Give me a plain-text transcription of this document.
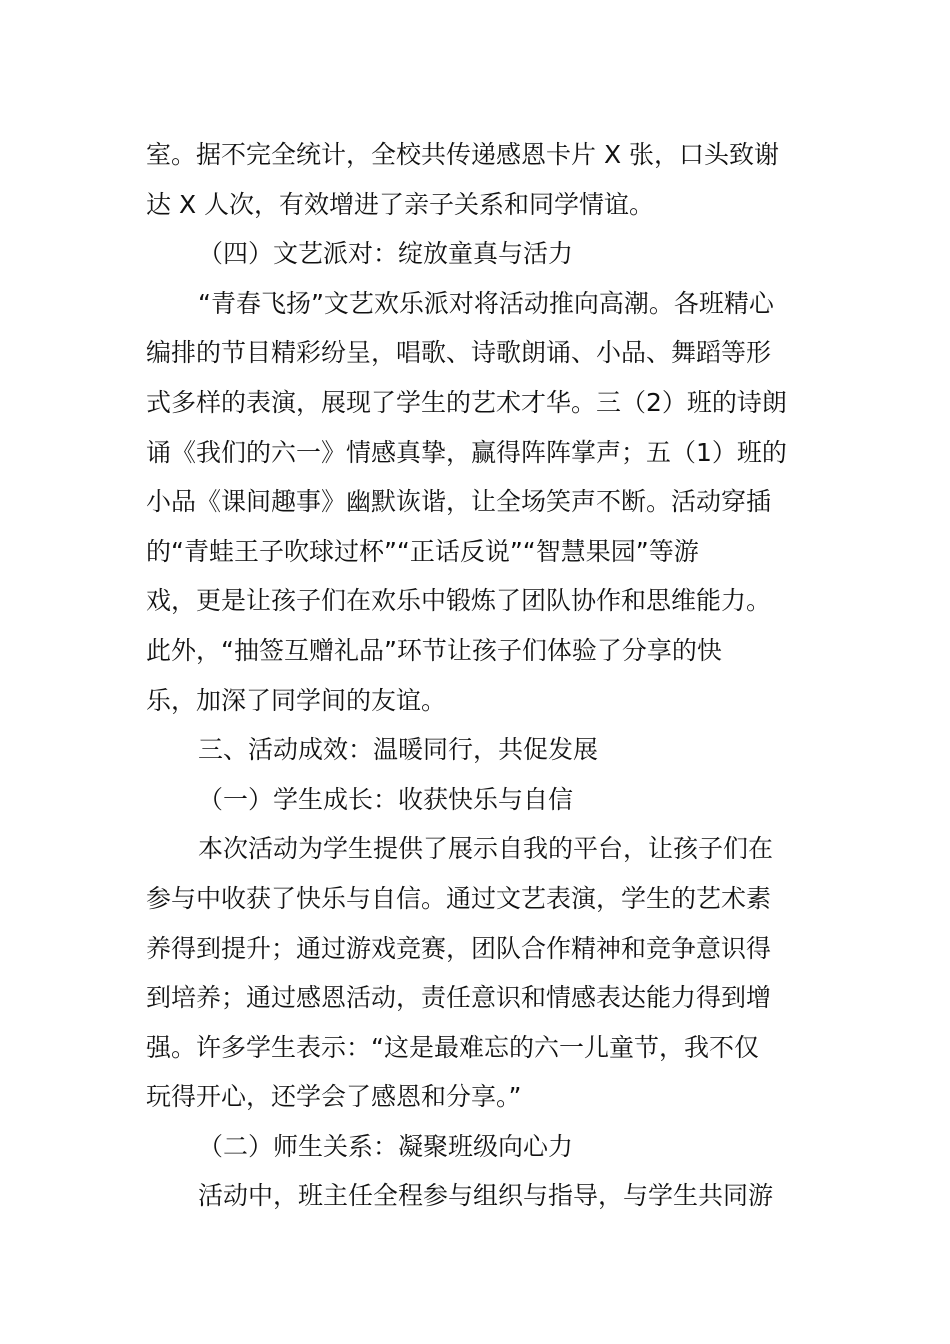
室。据不完全统计，全校共传递感恩卡片 X 张，口头致谢
达 X 人次，有效增进了亲子关系和同学情谊。
（四）文艺派对：绽放童真与活力
“青春飞扬”文艺欢乐派对将活动推向高潮。各班精心
编排的节目精彩纷呈，唱歌、诗歌朗诵、小品、舞蹈等形
式多样的表演，展现了学生的艺术才华。三（2）班的诗朗
诵《我们的六一》情感真挚，赢得阵阵掌声；五（1）班的
小品《课间趣事》幽默诙谐，让全场笑声不断。活动穿插
的“青蛙王子吹球过杯”“正话反说”“智慧果园”等游
戏，更是让孩子们在欢乐中锻炼了团队协作和思维能力。
此外，“抽签互赠礼品”环节让孩子们体验了分享的快
乐，加深了同学间的友谊。
三、活动成效：温暖同行，共促发展
（一）学生成长：收获快乐与自信
本次活动为学生提供了展示自我的平台，让孩子们在
参与中收获了快乐与自信。通过文艺表演，学生的艺术素
养得到提升；通过游戏竞赛，团队合作精神和竞争意识得
到培养；通过感恩活动，责任意识和情感表达能力得到增
强。许多学生表示：“这是最难忘的六一儿童节，我不仅
玩得开心，还学会了感恩和分享。”
（二）师生关系：凝聚班级向心力
活动中，班主任全程参与组织与指导，与学生共同游
